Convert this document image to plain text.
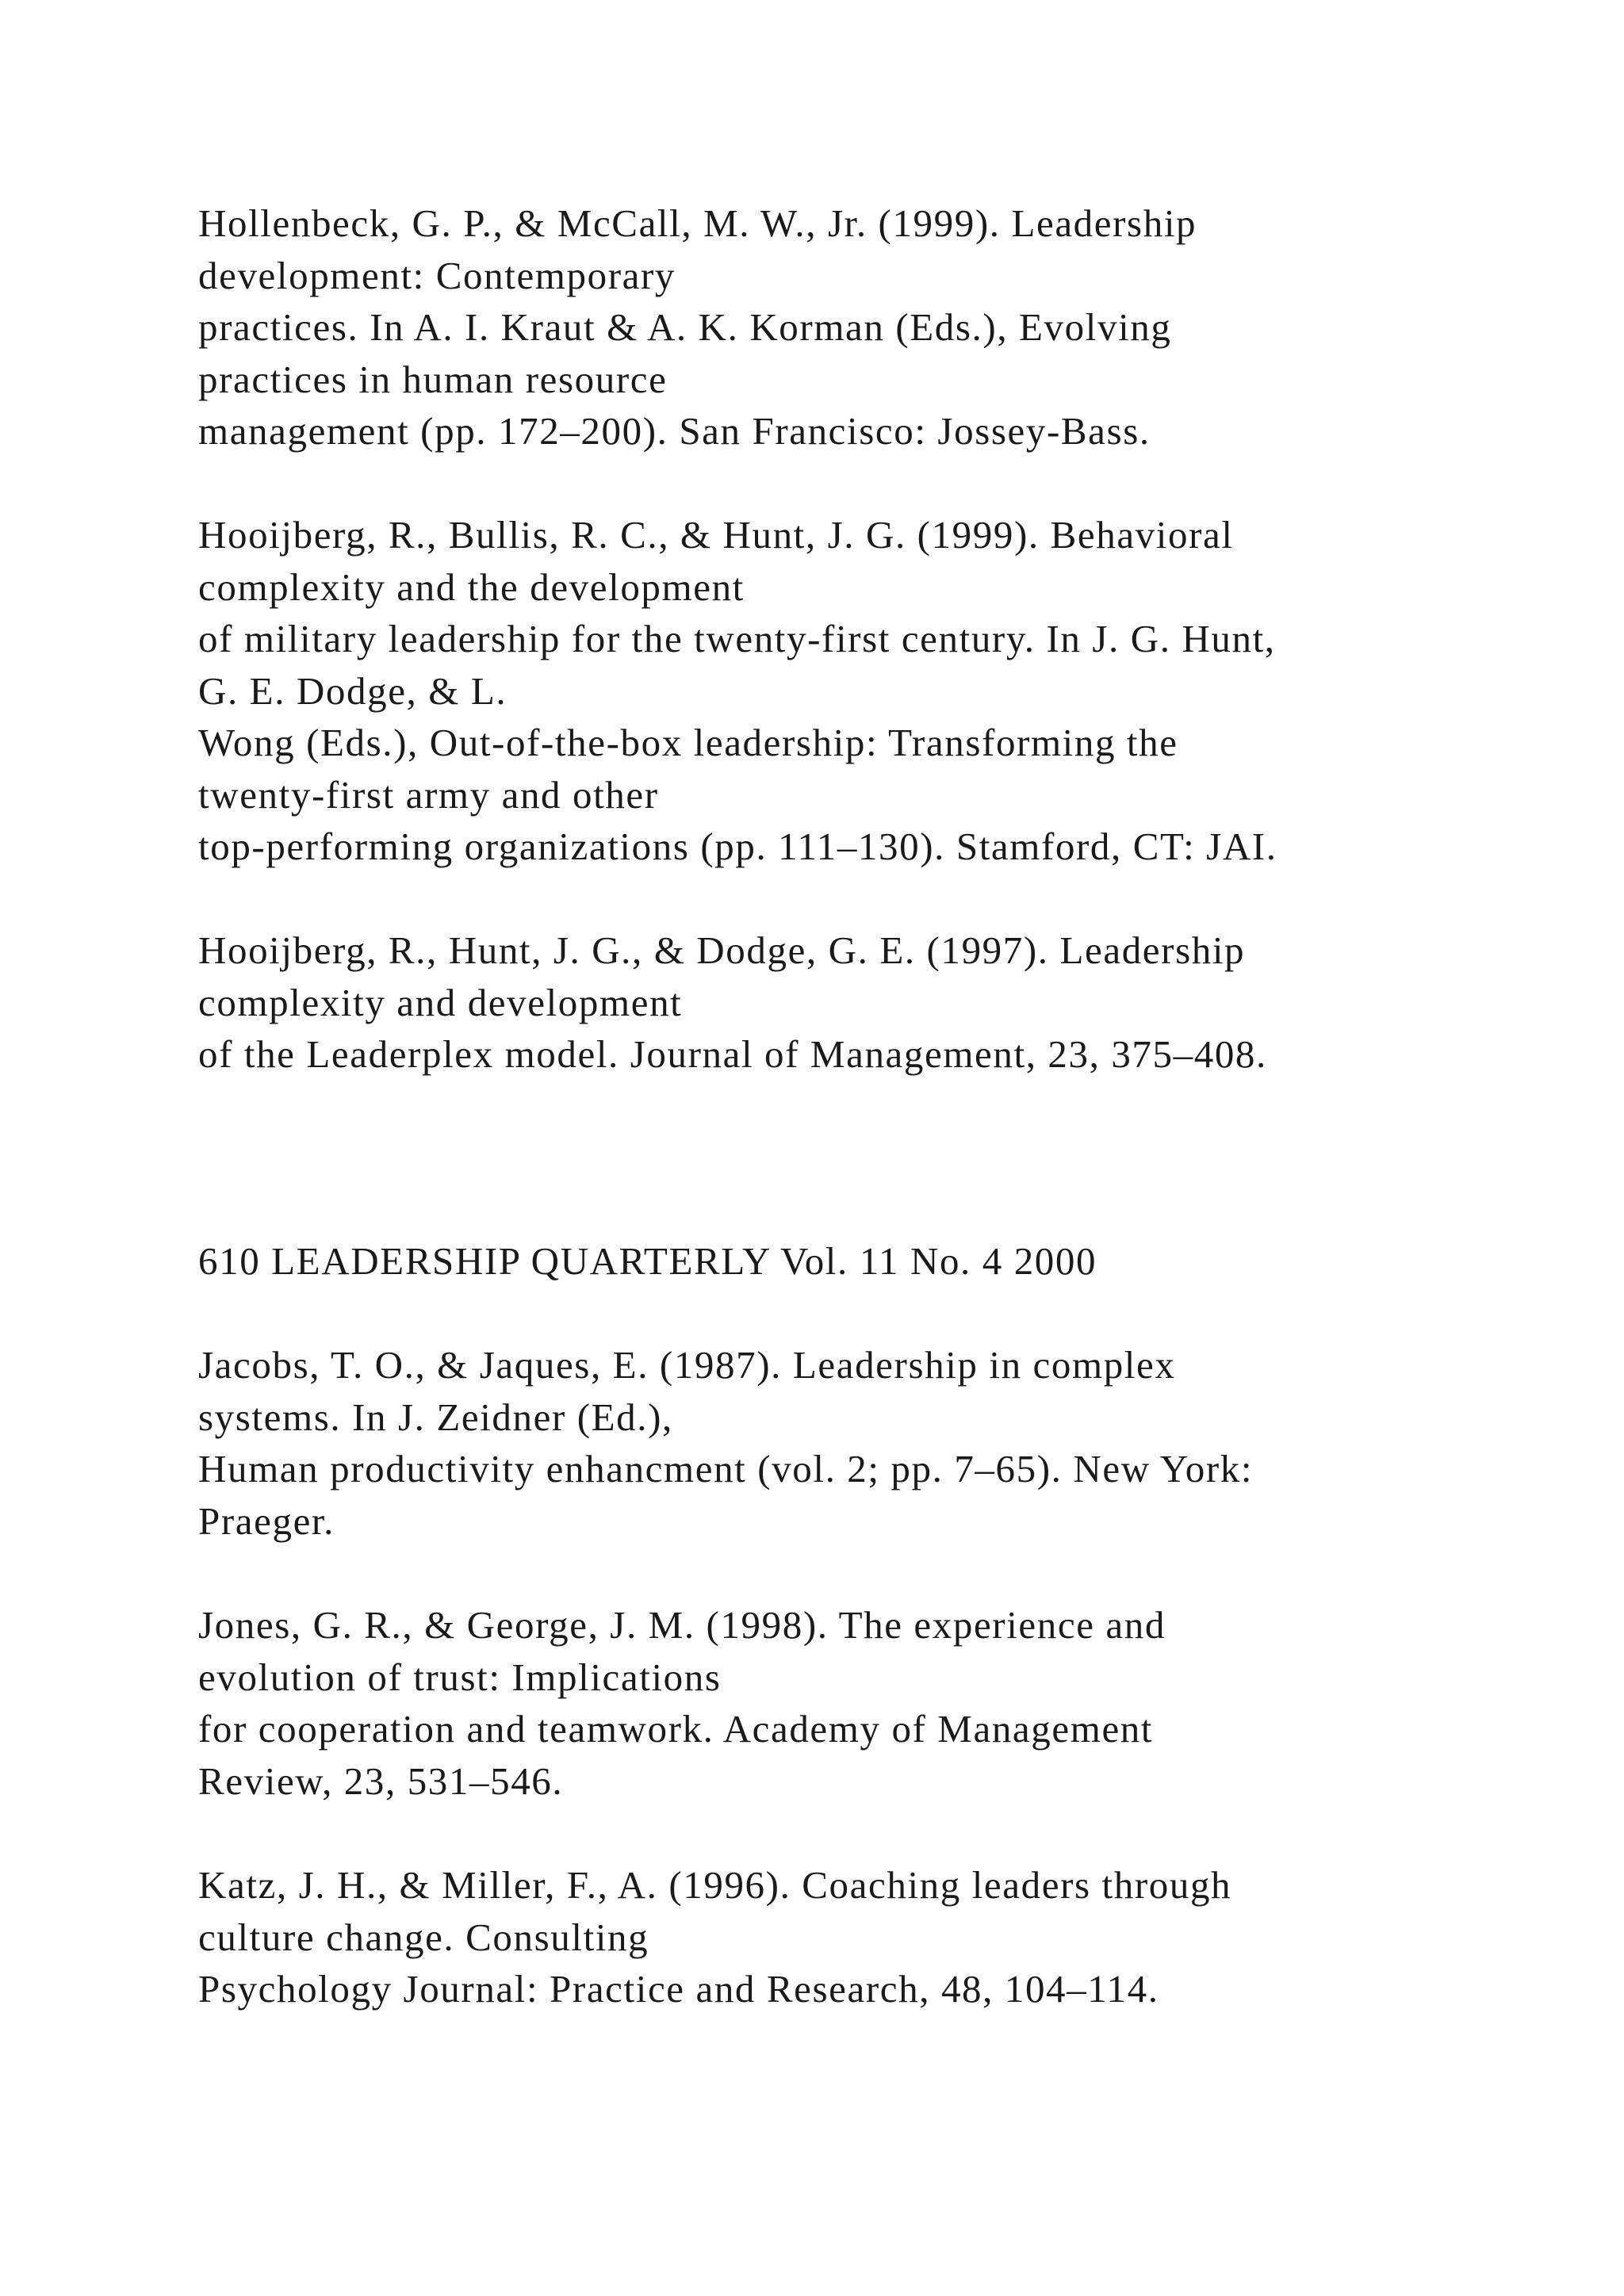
Hollenbeck, G. P., & McCall, M. W., Jr. (1999). Leadership
development: Contemporary
practices. In A. I. Kraut & A. K. Korman (Eds.), Evolving
practices in human resource
management (pp. 172–200). San Francisco: Jossey-Bass.
Hooijberg, R., Bullis, R. C., & Hunt, J. G. (1999). Behavioral
complexity and the development
of military leadership for the twenty-first century. In J. G. Hunt,
G. E. Dodge, & L.
Wong (Eds.), Out-of-the-box leadership: Transforming the
twenty-first army and other
top-performing organizations (pp. 111–130). Stamford, CT: JAI.
Hooijberg, R., Hunt, J. G., & Dodge, G. E. (1997). Leadership
complexity and development
of the Leaderplex model. Journal of Management, 23, 375–408.
610 LEADERSHIP QUARTERLY Vol. 11 No. 4 2000
Jacobs, T. O., & Jaques, E. (1987). Leadership in complex
systems. In J. Zeidner (Ed.),
Human productivity enhancment (vol. 2; pp. 7–65). New York:
Praeger.
Jones, G. R., & George, J. M. (1998). The experience and
evolution of trust: Implications
for cooperation and teamwork. Academy of Management
Review, 23, 531–546.
Katz, J. H., & Miller, F., A. (1996). Coaching leaders through
culture change. Consulting
Psychology Journal: Practice and Research, 48, 104–114.
